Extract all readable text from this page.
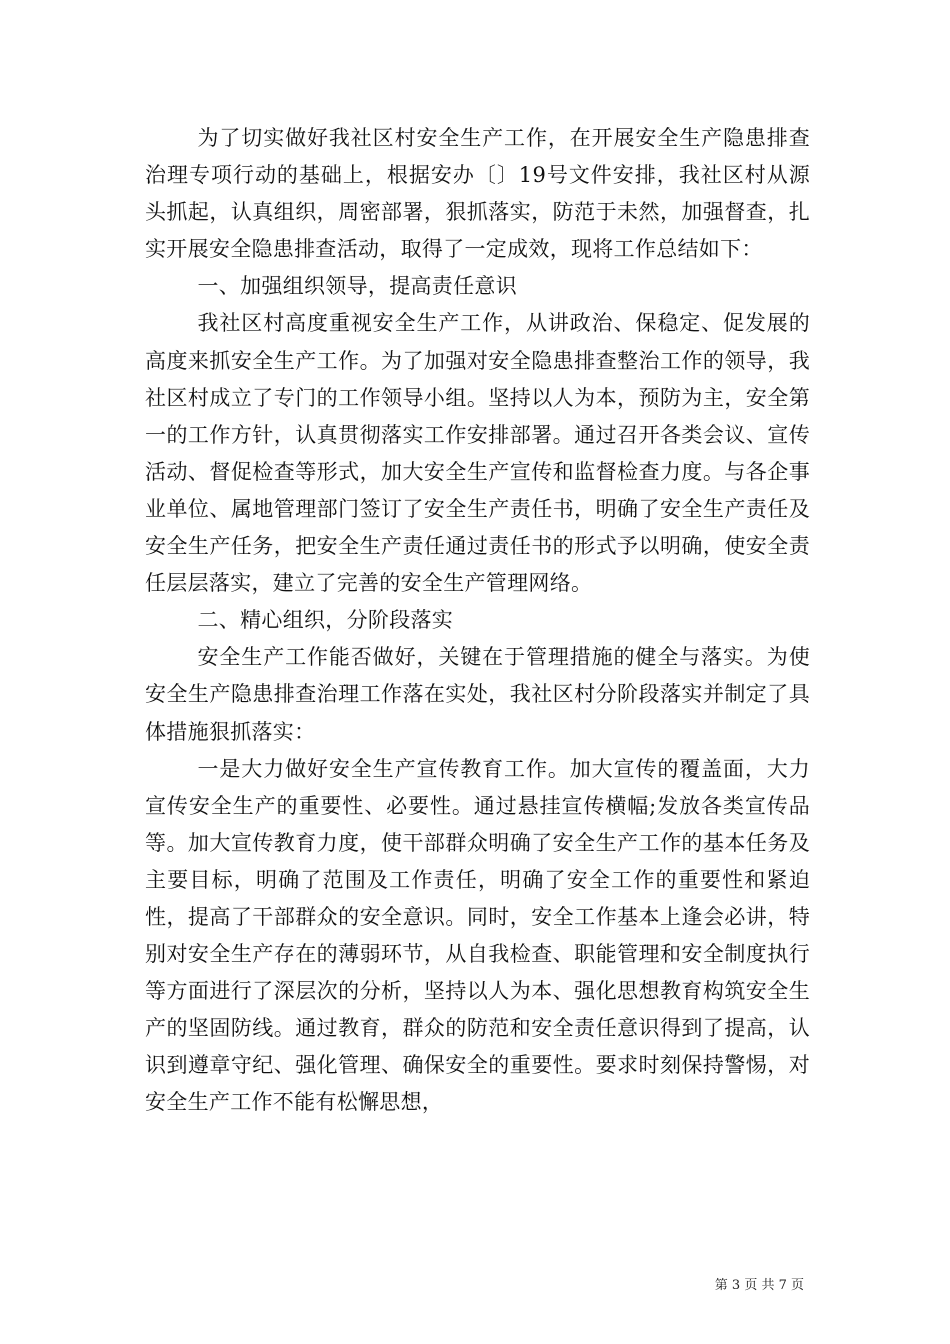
为了切实做好我社区村安全生产工作，在开展安全生产隐患排查治理专项行动的基础上，根据安办〔〕19号文件安排，我社区村从源头抓起，认真组织，周密部署，狠抓落实，防范于未然，加强督查，扎实开展安全隐患排查活动，取得了一定成效，现将工作总结如下：

一、加强组织领导，提高责任意识

我社区村高度重视安全生产工作，从讲政治、保稳定、促发展的高度来抓安全生产工作。为了加强对安全隐患排查整治工作的领导，我社区村成立了专门的工作领导小组。坚持以人为本，预防为主，安全第一的工作方针，认真贯彻落实工作安排部署。通过召开各类会议、宣传活动、督促检查等形式，加大安全生产宣传和监督检查力度。与各企事业单位、属地管理部门签订了安全生产责任书，明确了安全生产责任及安全生产任务，把安全生产责任通过责任书的形式予以明确，使安全责任层层落实，建立了完善的安全生产管理网络。

二、精心组织，分阶段落实

安全生产工作能否做好，关键在于管理措施的健全与落实。为使安全生产隐患排查治理工作落在实处，我社区村分阶段落实并制定了具体措施狠抓落实：

一是大力做好安全生产宣传教育工作。加大宣传的覆盖面，大力宣传安全生产的重要性、必要性。通过悬挂宣传横幅;发放各类宣传品等。加大宣传教育力度，使干部群众明确了安全生产工作的基本任务及主要目标，明确了范围及工作责任，明确了安全工作的重要性和紧迫性，提高了干部群众的安全意识。同时，安全工作基本上逢会必讲，特别对安全生产存在的薄弱环节，从自我检查、职能管理和安全制度执行等方面进行了深层次的分析，坚持以人为本、强化思想教育构筑安全生产的坚固防线。通过教育，群众的防范和安全责任意识得到了提高，认识到遵章守纪、强化管理、确保安全的重要性。要求时刻保持警惕，对安全生产工作不能有松懈思想，

第 3 页 共 7 页
